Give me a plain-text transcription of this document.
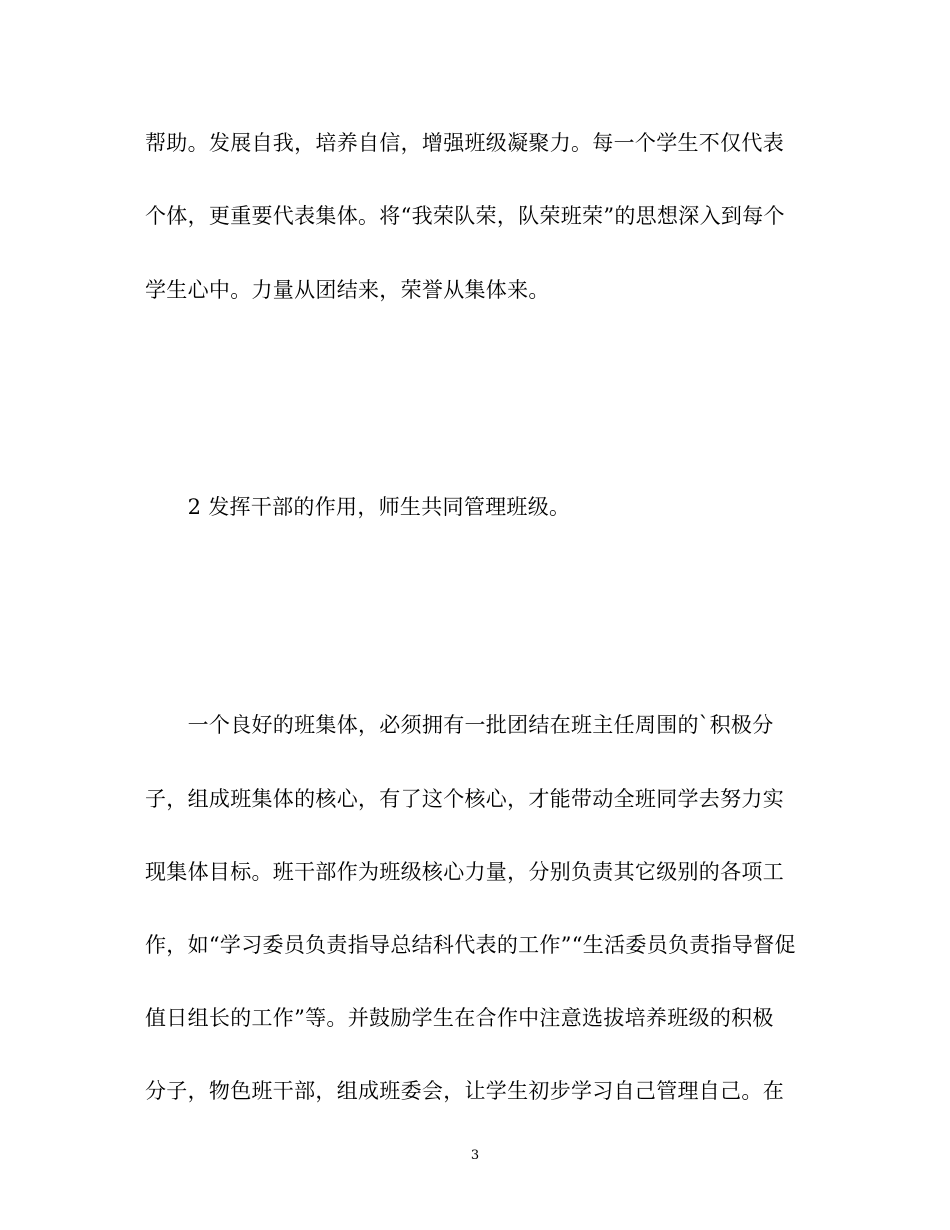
帮助。发展自我，培养自信，增强班级凝聚力。每一个学生不仅代表
个体，更重要代表集体。将“我荣队荣，队荣班荣”的思想深入到每个
学生心中。力量从团结来，荣誉从集体来。
　　2 发挥干部的作用，师生共同管理班级。
　　一个良好的班集体，必须拥有一批团结在班主任周围的`积极分
子，组成班集体的核心，有了这个核心，才能带动全班同学去努力实
现集体目标。班干部作为班级核心力量，分别负责其它级别的各项工
作，如“学习委员负责指导总结科代表的工作”“生活委员负责指导督促
值日组长的工作”等。并鼓励学生在合作中注意选拔培养班级的积极
分子，物色班干部，组成班委会，让学生初步学习自己管理自己。在
3
